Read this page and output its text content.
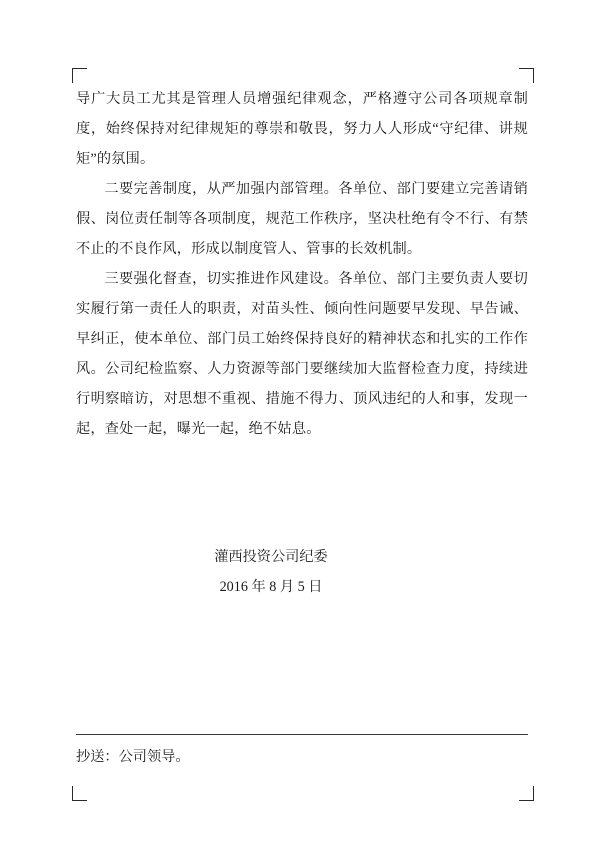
导广大员工尤其是管理人员增强纪律观念，严格遵守公司各项规章制度，始终保持对纪律规矩的尊崇和敬畏，努力人人形成“守纪律、讲规矩”的氛围。

二要完善制度，从严加强内部管理。各单位、部门要建立完善请销假、岗位责任制等各项制度，规范工作秩序，坚决杜绝有令不行、有禁不止的不良作风，形成以制度管人、管事的长效机制。

三要强化督查，切实推进作风建设。各单位、部门主要负责人要切实履行第一责任人的职责，对苗头性、倾向性问题要早发现、早告诫、早纠正，使本单位、部门员工始终保持良好的精神状态和扎实的工作作风。公司纪检监察、人力资源等部门要继续加大监督检查力度，持续进行明察暗访，对思想不重视、措施不得力、顶风违纪的人和事，发现一起，查处一起，曝光一起，绝不姑息。

灌西投资公司纪委
2016 年 8 月 5 日
抄送：公司领导。
